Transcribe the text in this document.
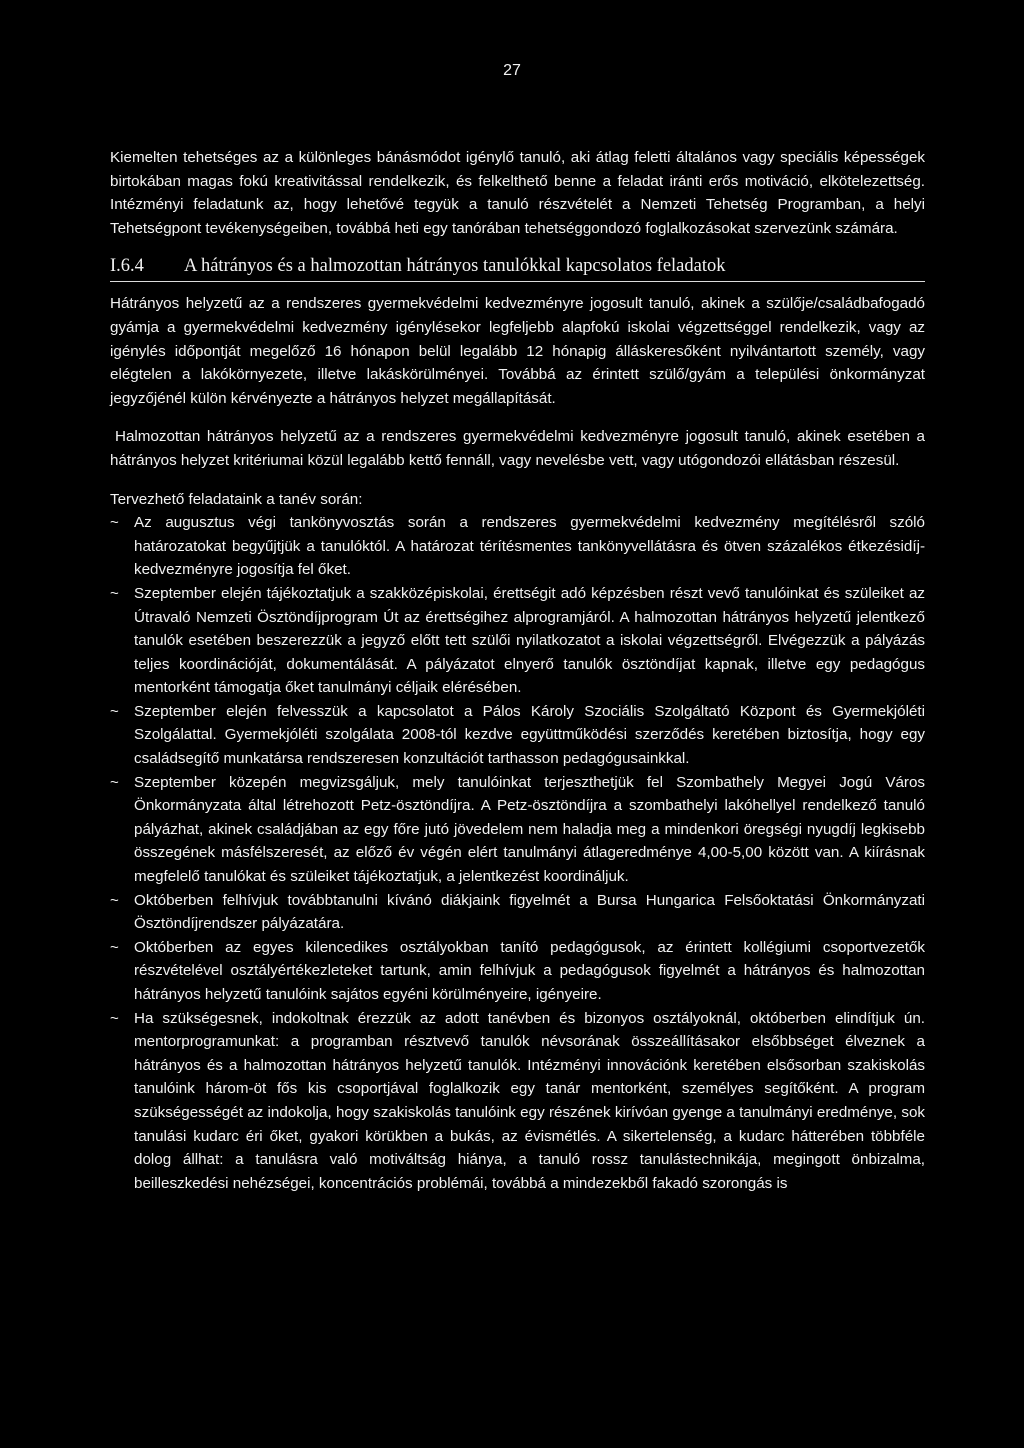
27

Kiemelten tehetséges az a különleges bánásmódot igénylő tanuló, aki átlag feletti általános vagy speciális képességek birtokában magas fokú kreativitással rendelkezik, és felkelthető benne a feladat iránti erős motiváció, elkötelezettség. Intézményi feladatunk az, hogy lehetővé tegyük a tanuló részvételét a Nemzeti Tehetség Programban, a helyi Tehetségpont tevékenységeiben, továbbá heti egy tanórában tehetséggondozó foglalkozásokat szervezünk számára.

I.6.4	A hátrányos és a halmozottan hátrányos tanulókkal kapcsolatos feladatok

Hátrányos helyzetű az a rendszeres gyermekvédelmi kedvezményre jogosult tanuló, akinek a szülője/családbafogadó gyámja a gyermekvédelmi kedvezmény igénylésekor legfeljebb alapfokú iskolai végzettséggel rendelkezik, vagy az igénylés időpontját megelőző 16 hónapon belül legalább 12 hónapig álláskeresőként nyilvántartott személy, vagy elégtelen a lakókörnyezete, illetve lakáskörülményei. Továbbá az érintett szülő/gyám a települési önkormányzat jegyzőjénél külön kérvényezte a hátrányos helyzet megállapítását.

Halmozottan hátrányos helyzetű az a rendszeres gyermekvédelmi kedvezményre jogosult tanuló, akinek esetében a hátrányos helyzet kritériumai közül legalább kettő fennáll, vagy nevelésbe vett, vagy utógondozói ellátásban részesül.

Tervezhető feladataink a tanév során:

~	Az augusztus végi tankönyvosztás során a rendszeres gyermekvédelmi kedvezmény megítélésről szóló határozatokat begyűjtjük a tanulóktól. A határozat térítésmentes tankönyvellátásra és ötven százalékos étkezésidíj-kedvezményre jogosítja fel őket.
~	Szeptember elején tájékoztatjuk a szakközépiskolai, érettségit adó képzésben részt vevő tanulóinkat és szüleiket az Útravaló Nemzeti Ösztöndíjprogram Út az érettségihez alprogramjáról. A halmozottan hátrányos helyzetű jelentkező tanulók esetében beszerezzük a jegyző előtt tett szülői nyilatkozatot a iskolai végzettségről. Elvégezzük a pályázás teljes koordinációját, dokumentálását. A pályázatot elnyerő tanulók ösztöndíjat kapnak, illetve egy pedagógus mentorként támogatja őket tanulmányi céljaik elérésében.
~	Szeptember elején felvesszük a kapcsolatot a Pálos Károly Szociális Szolgáltató Központ és Gyermekjóléti Szolgálattal. Gyermekjóléti szolgálata 2008-tól kezdve együttműködési szerződés keretében biztosítja, hogy egy családsegítő munkatársa rendszeresen konzultációt tarthasson pedagógusainkkal.
~	Szeptember közepén megvizsgáljuk, mely tanulóinkat terjeszthetjük fel Szombathely Megyei Jogú Város Önkormányzata által létrehozott Petz-ösztöndíjra. A Petz-ösztöndíjra a szombathelyi lakóhellyel rendelkező tanuló pályázhat, akinek családjában az egy főre jutó jövedelem nem haladja meg a mindenkori öregségi nyugdíj legkisebb összegének másfélszeresét, az előző év végén elért tanulmányi átlageredménye 4,00-5,00 között van. A kiírásnak megfelelő tanulókat és szüleiket tájékoztatjuk, a jelentkezést koordináljuk.
~	Októberben felhívjuk továbbtanulni kívánó diákjaink figyelmét a Bursa Hungarica Felsőoktatási Önkormányzati Ösztöndíjrendszer pályázatára.
~	Októberben az egyes kilencedikes osztályokban tanító pedagógusok, az érintett kollégiumi csoportvezetők részvételével osztályértékezleteket tartunk, amin felhívjuk a pedagógusok figyelmét a hátrányos és halmozottan hátrányos helyzetű tanulóink sajátos egyéni körülményeire, igényeire.
~	Ha szükségesnek, indokoltnak érezzük az adott tanévben és bizonyos osztályoknál, októberben elindítjuk ún. mentorprogramunkat: a programban résztvevő tanulók névsorának összeállításakor elsőbbséget élveznek a hátrányos és a halmozottan hátrányos helyzetű tanulók. Intézményi innovációnk keretében elsősorban szakiskolás tanulóink három-öt fős kis csoportjával foglalkozik egy tanár mentorként, személyes segítőként. A program szükségességét az indokolja, hogy szakiskolás tanulóink egy részének kirívóan gyenge a tanulmányi eredménye, sok tanulási kudarc éri őket, gyakori körükben a bukás, az évismétlés. A sikertelenség, a kudarc hátterében többféle dolog állhat: a tanulásra való motiváltság hiánya, a tanuló rossz tanulástechnikája, megingott önbizalma, beilleszkedési nehézségei, koncentrációs problémái, továbbá a mindezekből fakadó szorongás is
